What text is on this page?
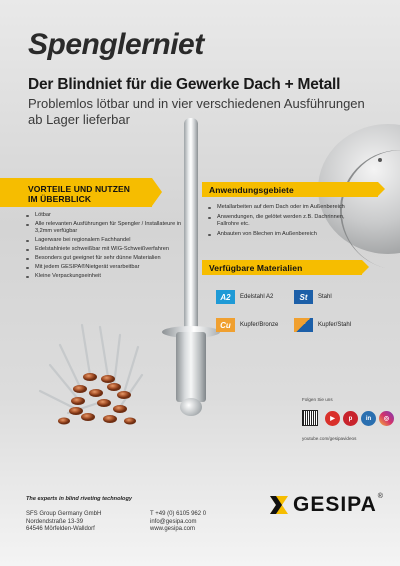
Spenglerniet
Der Blindniet für die Gewerke Dach + Metall
Problemlos lötbar und in vier verschiedenen Ausführungen ab Lager lieferbar
VORTEILE UND NUTZEN
IM ÜBERBLICK
Lötbar
Alle relevanten Ausführungen für Spengler / Installateure in 3,2mm verfügbar
Lagerware bei regionalem Fachhandel
Edelstahlniete schweißbar mit WIG-Schweißverfahren
Besonders gut geeignet für sehr dünne Materialien
Mit jedem GESIPA®Nietgerät verarbeitbar
Kleine Verpackungseinheit
Anwendungsgebiete
Metallarbeiten auf dem Dach oder im Außenbereich
Anwendungen, die gelötet werden z.B. Dachrinnen, Fallrohre etc.
Anbauten von Blechen im Außenbereich
Verfügbare Materialien
A2	Edelstahl A2	St	Stahl
Cu	Kupfer/Bronze	Kupfer/Stahl
Folgen Sie uns
▶	p	in	◎
youtube.com/gesipavideos
The experts in blind riveting technology
SFS Group Germany GmbH
Nordendstraße 13-39
64546 Mörfelden-Walldorf
T +49 (0) 6105 962 0
info@gesipa.com
www.gesipa.com
GESIPA ®
